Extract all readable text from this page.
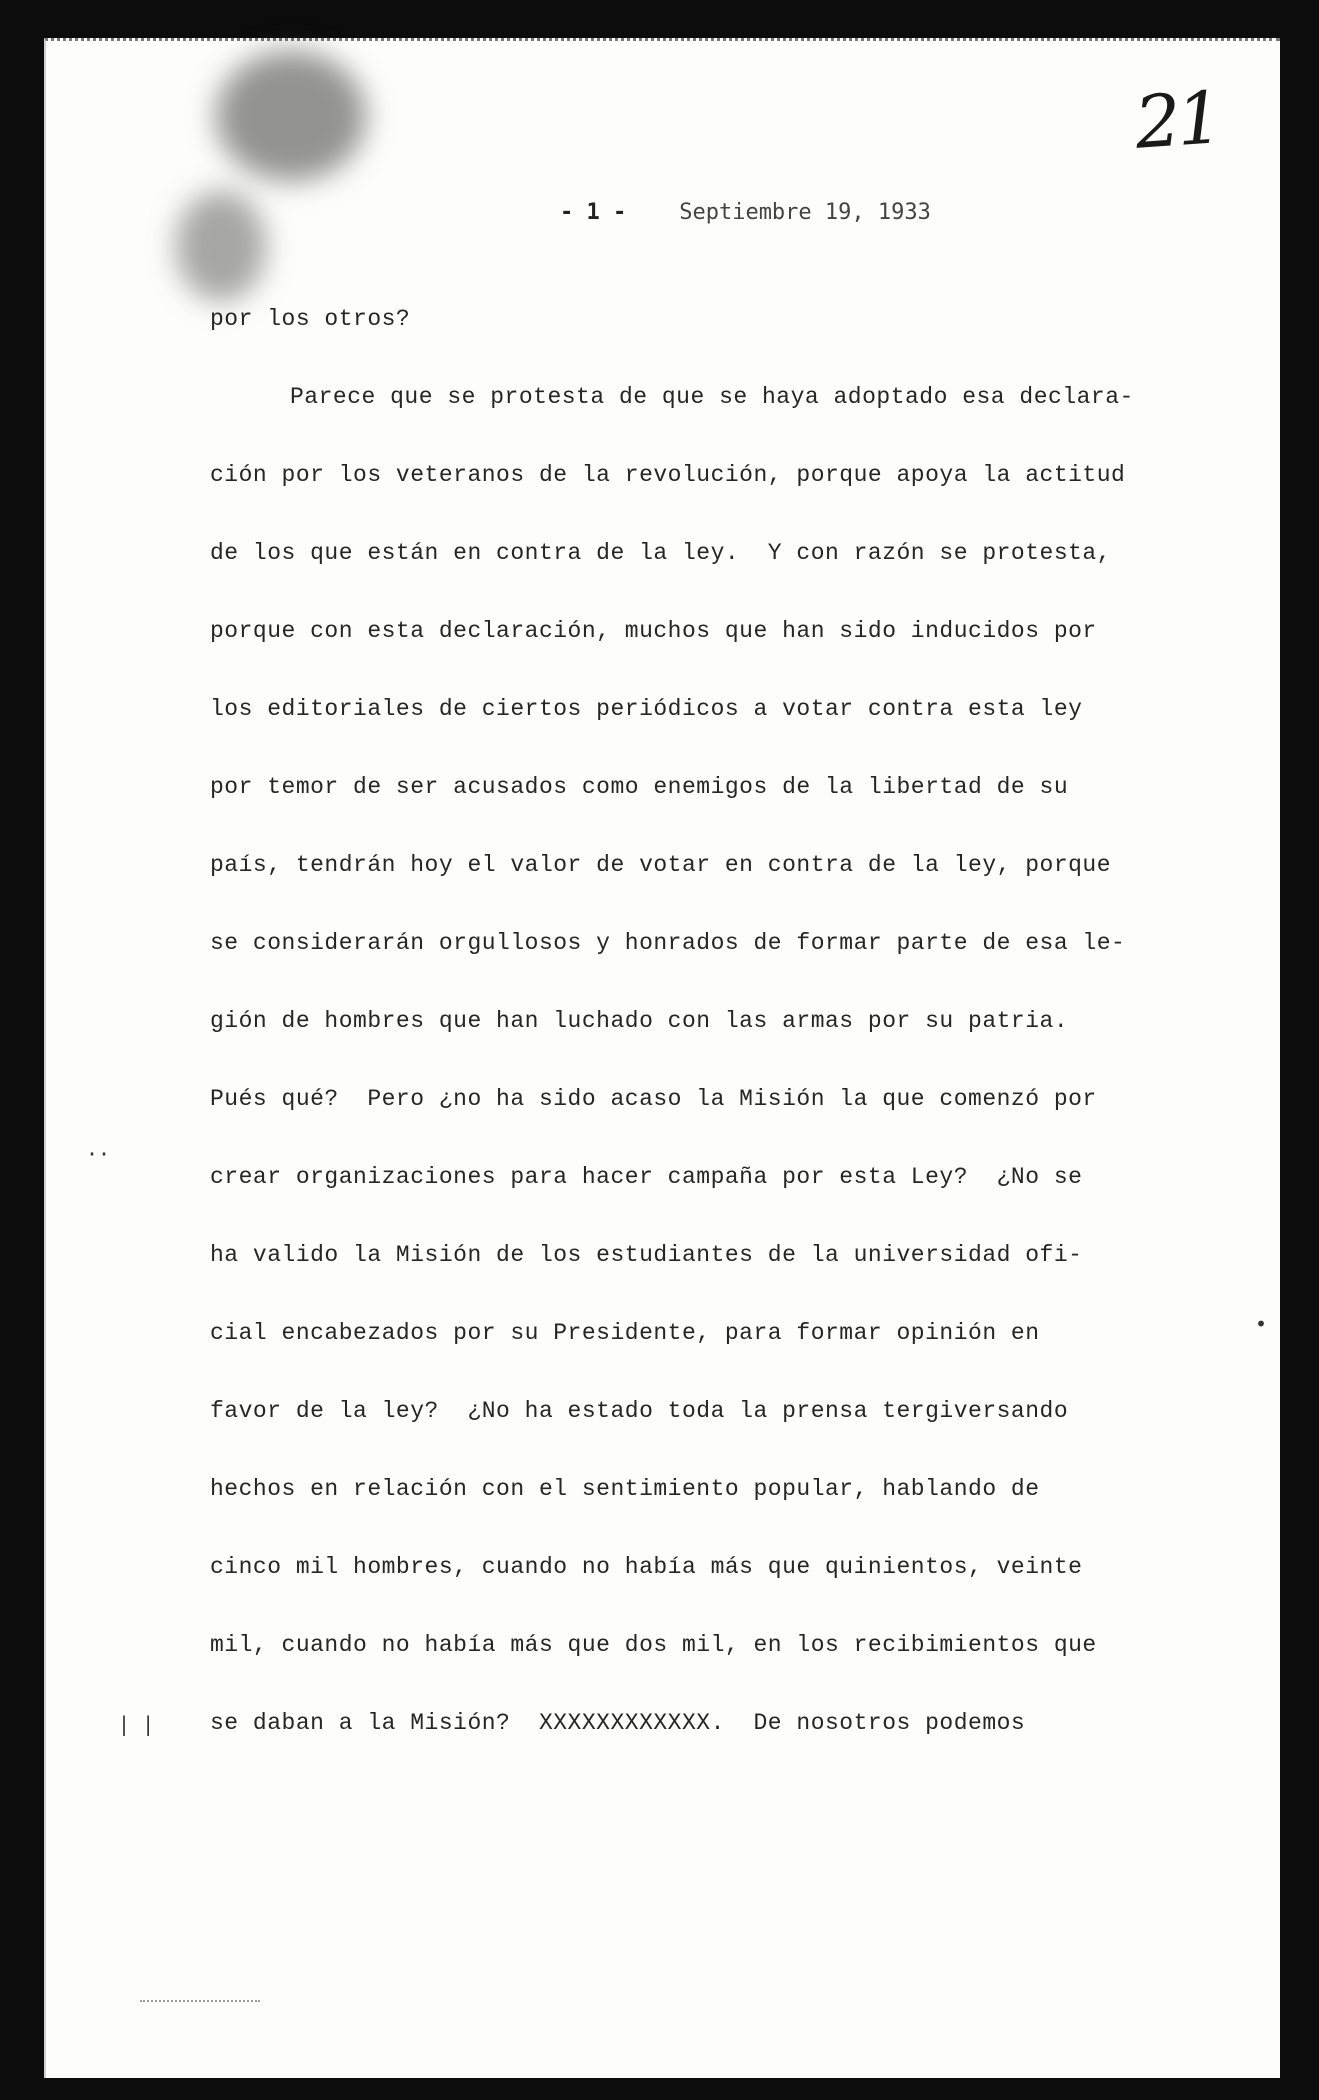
21
- 1 - Septiembre 19, 1933
por los otros?
Parece que se protesta de que se haya adoptado esa declara-
ción por los veteranos de la revolución, porque apoya la actitud
de los que están en contra de la ley.  Y con razón se protesta,
porque con esta declaración, muchos que han sido inducidos por
los editoriales de ciertos periódicos a votar contra esta ley
por temor de ser acusados como enemigos de la libertad de su
país, tendrán hoy el valor de votar en contra de la ley, porque
se considerarán orgullosos y honrados de formar parte de esa le-
gión de hombres que han luchado con las armas por su patria.
Pués qué?  Pero ¿no ha sido acaso la Misión la que comenzó por
crear organizaciones para hacer campaña por esta Ley?  ¿No se
ha valido la Misión de los estudiantes de la universidad ofi-
cial encabezados por su Presidente, para formar opinión en
favor de la ley?  ¿No ha estado toda la prensa tergiversando
hechos en relación con el sentimiento popular, hablando de
cinco mil hombres, cuando no había más que quinientos, veinte
mil, cuando no había más que dos mil, en los recibimientos que
se daban a la Misión?  XXXXXXXXXXXX.  De nosotros podemos
··
| |
•
